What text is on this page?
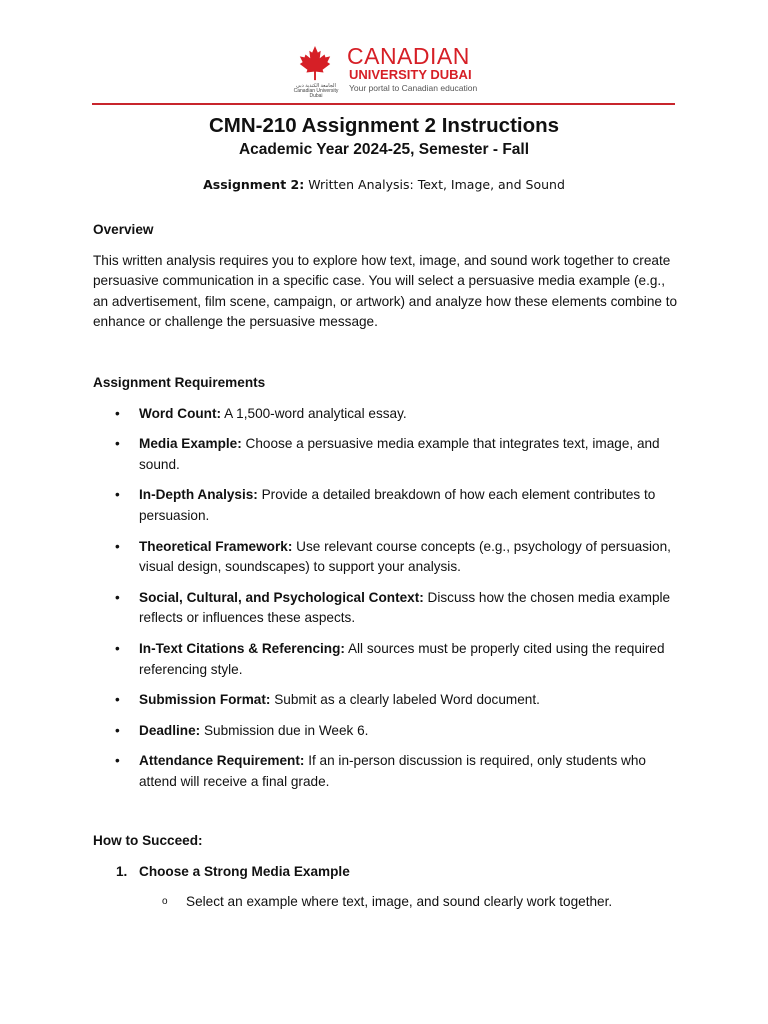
الجامعة الكندية دبي
Canadian University Dubai
CANADIAN
UNIVERSITY DUBAI
Your portal to Canadian education
CMN-210 Assignment 2 Instructions
Academic Year 2024-25, Semester - Fall
Assignment 2: Written Analysis: Text, Image, and Sound
Overview

This written analysis requires you to explore how text, image, and sound work together to create persuasive communication in a specific case. You will select a persuasive media example (e.g., an advertisement, film scene, campaign, or artwork) and analyze how these elements combine to enhance or challenge the persuasive message.

Assignment Requirements
• Word Count: A 1,500-word analytical essay.
• Media Example: Choose a persuasive media example that integrates text, image, and sound.
• In-Depth Analysis: Provide a detailed breakdown of how each element contributes to persuasion.
• Theoretical Framework: Use relevant course concepts (e.g., psychology of persuasion, visual design, soundscapes) to support your analysis.
• Social, Cultural, and Psychological Context: Discuss how the chosen media example reflects or influences these aspects.
• In-Text Citations & Referencing: All sources must be properly cited using the required referencing style.
• Submission Format: Submit as a clearly labeled Word document.
• Deadline: Submission due in Week 6.
• Attendance Requirement: If an in-person discussion is required, only students who attend will receive a final grade.
How to Succeed:
1. Choose a Strong Media Example
o Select an example where text, image, and sound clearly work together.
